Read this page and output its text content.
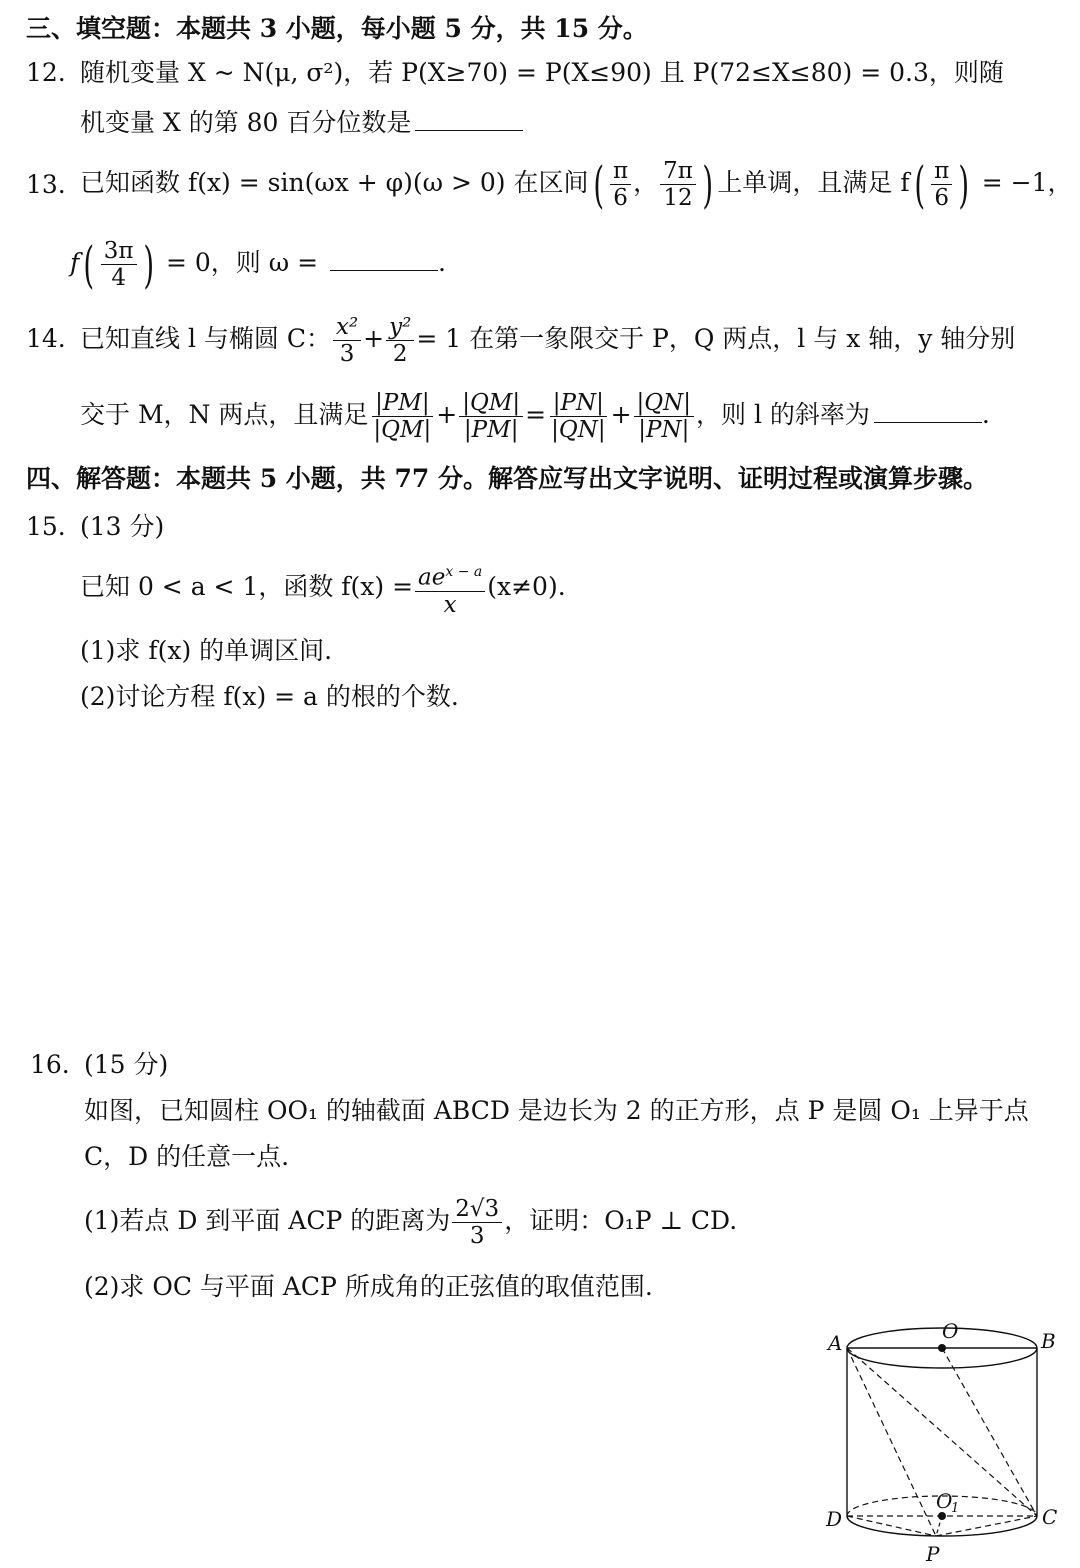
三、填空题：本题共 3 小题，每小题 5 分，共 15 分。
12. 随机变量 X ~ N(μ, σ²)，若 P(X≥70) = P(X≤90) 且 P(72≤X≤80) = 0.3，则随
机变量 X 的第 80 百分位数是
13. 已知函数 f(x) = sin(ωx + φ)(ω > 0) 在区间( $\frac{\pi}{6}$ ， $\frac{7\pi}{12}$ ) 上单调，且满足 $f( \frac{\pi}{6}$ ) = −1，
$f( \frac{3\pi}{4}$ ) = 0，则 ω =	.
14. 已知直线 l 与椭圆 C： $\frac{\text{x²}}{3} + \frac{\text{y²}}{2} = 1$ 在第一象限交于 P，Q 两点，l 与 x 轴，y 轴分别
交于 M，N 两点，且满足 $\frac{|PM|}{|QM|} + \frac{|QM|}{|PM|} = \frac{|PN|}{|QN|} + \frac{|QN|}{|PN|}$ ，则 l 的斜率为	.
四、解答题：本题共 5 小题，共 77 分。解答应写出文字说明、证明过程或演算步骤。
15. (13 分)
已知 0 < a < 1，函数 $f(x) = \frac{ae^{x - a}}{x} (x\ne 0)$.
(1)求 f(x) 的单调区间.
(2)讨论方程 f(x) = a 的根的个数.
16. (15 分)
如图，已知圆柱 OO₁ 的轴截面 ABCD 是边长为 2 的正方形，点 P 是圆 O₁ 上异于点
C，D 的任意一点.
(1)若点 D 到平面 ACP 的距离为 $\frac{2√3}{3}$ ，证明：O₁P ⊥ CD.
(2)求 OC 与平面 ACP 所成角的正弦值的取值范围.
A	B
C
D
O
O
1
P
